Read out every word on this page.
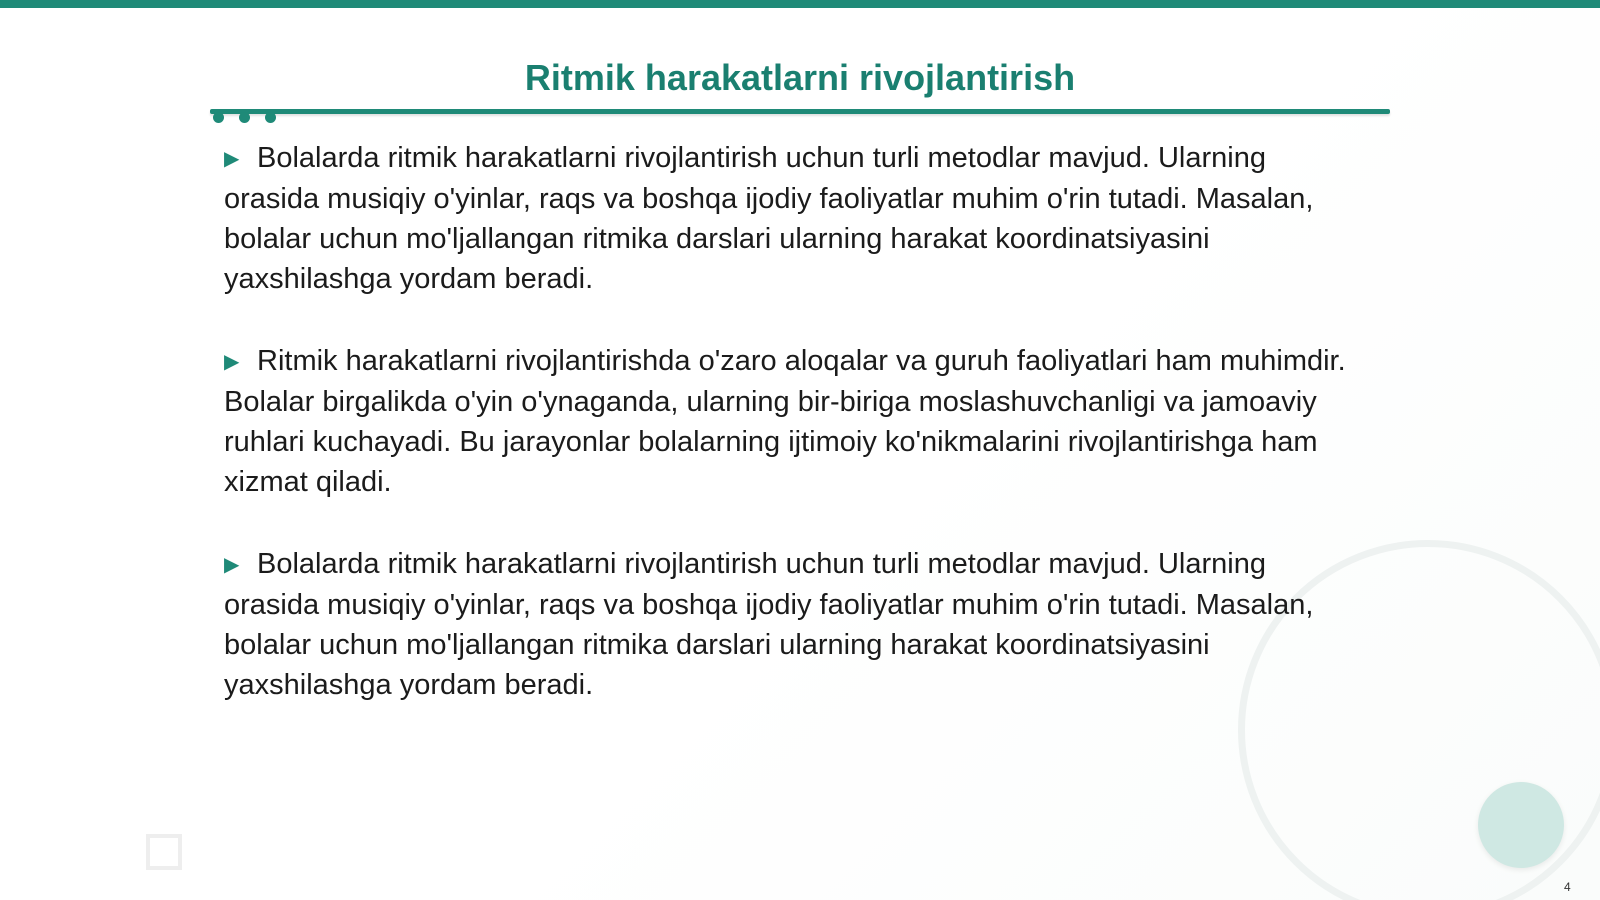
Ritmik harakatlarni rivojlantirish

▶ Bolalarda ritmik harakatlarni rivojlantirish uchun turli metodlar mavjud. Ularning orasida musiqiy o'yinlar, raqs va boshqa ijodiy faoliyatlar muhim o'rin tutadi. Masalan, bolalar uchun mo'ljallangan ritmika darslari ularning harakat koordinatsiyasini yaxshilashga yordam beradi.

▶ Ritmik harakatlarni rivojlantirishda o'zaro aloqalar va guruh faoliyatlari ham muhimdir. Bolalar birgalikda o'yin o'ynaganda, ularning bir-biriga moslashuvchanligi va jamoaviy ruhlari kuchayadi. Bu jarayonlar bolalarning ijtimoiy ko'nikmalarini rivojlantirishga ham xizmat qiladi.

▶ Bolalarda ritmik harakatlarni rivojlantirish uchun turli metodlar mavjud. Ularning orasida musiqiy o'yinlar, raqs va boshqa ijodiy faoliyatlar muhim o'rin tutadi. Masalan, bolalar uchun mo'ljallangan ritmika darslari ularning harakat koordinatsiyasini yaxshilashga yordam beradi.

4
